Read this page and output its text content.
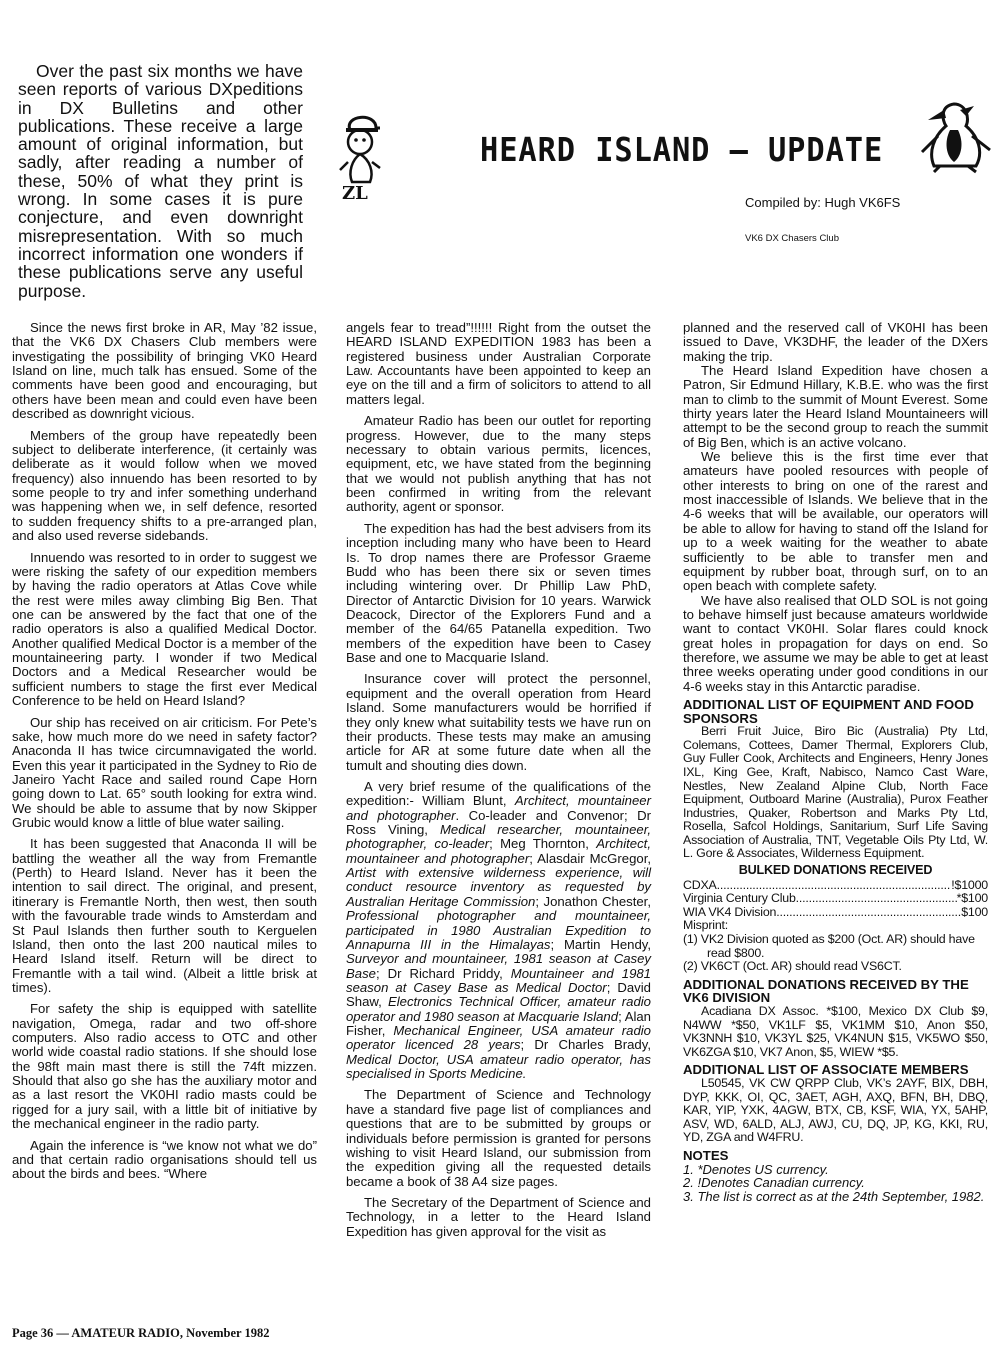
Over the past six months we have seen reports of various DXpeditions in DX Bulletins and other publications. These receive a large amount of original information, but sadly, after reading a number of these, 50% of what they print is wrong. In some cases it is pure conjecture, and even downright misrepresentation. With so much incorrect information one wonders if these publications serve any useful purpose.

ZL
HEARD ISLAND — UPDATE

Compiled by: Hugh VK6FS

VK6 DX Chasers Club

Since the news first broke in AR, May ’82 issue, that the VK6 DX Chasers Club members were investigating the possibility of bringing VK0 Heard Island on line, much talk has ensued. Some of the comments have been good and encouraging, but others have been mean and could even have been described as downright vicious.

Members of the group have repeatedly been subject to deliberate interference, (it certainly was deliberate as it would follow when we moved frequency) also innuendo has been resorted to by some people to try and infer something underhand was happening when we, in self defence, resorted to sudden frequency shifts to a pre-arranged plan, and also used reverse sidebands.

Innuendo was resorted to in order to suggest we were risking the safety of our expedition members by having the radio operators at Atlas Cove while the rest were miles away climbing Big Ben. That one can be answered by the fact that one of the radio operators is also a qualified Medical Doctor. Another qualified Medical Doctor is a member of the mountaineering party. I wonder if two Medical Doctors and a Medical Researcher would be sufficient numbers to stage the first ever Medical Conference to be held on Heard Island?

Our ship has received on air criticism. For Pete’s sake, how much more do we need in safety factor? Anaconda II has twice circumnavigated the world. Even this year it participated in the Sydney to Rio de Janeiro Yacht Race and sailed round Cape Horn going down to Lat. 65° south looking for extra wind. We should be able to assume that by now Skipper Grubic would know a little of blue water sailing.

It has been suggested that Anaconda II will be battling the weather all the way from Fremantle (Perth) to Heard Island. Never has it been the intention to sail direct. The original, and present, itinerary is Fremantle North, then west, then south with the favourable trade winds to Amsterdam and St Paul Islands then further south to Kerguelen Island, then onto the last 200 nautical miles to Heard Island itself. Return will be direct to Fremantle with a tail wind. (Albeit a little brisk at times).

For safety the ship is equipped with satellite navigation, Omega, radar and two off-shore computers. Also radio access to OTC and other world wide coastal radio stations. If she should lose the 98ft main mast there is still the 74ft mizzen. Should that also go she has the auxiliary motor and as a last resort the VK0HI radio masts could be rigged for a jury sail, with a little bit of initiative by the mechanical engineer in the radio party.

Again the inference is “we know not what we do” and that certain radio organisations should tell us about the birds and bees. “Where

angels fear to tread”!!!!!! Right from the outset the HEARD ISLAND EXPEDITION 1983 has been a registered business under Australian Corporate Law. Accountants have been appointed to keep an eye on the till and a firm of solicitors to attend to all matters legal.

Amateur Radio has been our outlet for reporting progress. However, due to the many steps necessary to obtain various permits, licences, equipment, etc, we have stated from the beginning that we would not publish anything that has not been confirmed in writing from the relevant authority, agent or sponsor.

The expedition has had the best advisers from its inception including many who have been to Heard Is. To drop names there are Professor Graeme Budd who has been there six or seven times including wintering over. Dr Phillip Law PhD, Director of Antarctic Division for 10 years. Warwick Deacock, Director of the Explorers Fund and a member of the 64/65 Patanella expedition. Two members of the expedition have been to Casey Base and one to Macquarie Island.

Insurance cover will protect the personnel, equipment and the overall operation from Heard Island. Some manufacturers would be horrified if they only knew what suitability tests we have run on their products. These tests may make an amusing article for AR at some future date when all the tumult and shouting dies down.

A very brief resume of the qualifications of the expedition:- William Blunt, Architect, mountaineer and photographer. Co-leader and Convenor; Dr Ross Vining, Medical researcher, mountaineer, photographer, co-leader; Meg Thornton, Architect, mountaineer and photographer; Alasdair McGregor, Artist with extensive wilderness experience, will conduct resource inventory as requested by Australian Heritage Commission; Jonathon Chester, Professional photographer and mountaineer, participated in 1980 Australian Expedition to Annapurna III in the Himalayas; Martin Hendy, Surveyor and mountaineer, 1981 season at Casey Base; Dr Richard Priddy, Mountaineer and 1981 season at Casey Base as Medical Doctor; David Shaw, Electronics Technical Officer, amateur radio operator and 1980 season at Macquarie Island; Alan Fisher, Mechanical Engineer, USA amateur radio operator licenced 28 years; Dr Charles Brady, Medical Doctor, USA amateur radio operator, has specialised in Sports Medicine.

The Department of Science and Technology have a standard five page list of compliances and questions that are to be submitted by groups or individuals before permission is granted for persons wishing to visit Heard Island, our submission from the expedition giving all the requested details became a book of 38 A4 size pages.

The Secretary of the Department of Science and Technology, in a letter to the Heard Island Expedition has given approval for the visit as

planned and the reserved call of VK0HI has been issued to Dave, VK3DHF, the leader of the DXers making the trip.

The Heard Island Expedition have chosen a Patron, Sir Edmund Hillary, K.B.E. who was the first man to climb to the summit of Mount Everest. Some thirty years later the Heard Island Mountaineers will attempt to be the second group to reach the summit of Big Ben, which is an active volcano.

We believe this is the first time ever that amateurs have pooled resources with people of other interests to bring on one of the rarest and most inaccessible of Islands. We believe that in the 4-6 weeks that will be available, our operators will be able to allow for having to stand off the Island for up to a week waiting for the weather to abate sufficiently to be able to transfer men and equipment by rubber boat, through surf, on to an open beach with complete safety.

We have also realised that OLD SOL is not going to behave himself just because amateurs worldwide want to contact VK0HI. Solar flares could knock great holes in propagation for days on end. So therefore, we assume we may be able to get at least three weeks operating under good conditions in our 4-6 weeks stay in this Antarctic paradise.

ADDITIONAL LIST OF EQUIPMENT AND FOOD SPONSORS

Berri Fruit Juice, Biro Bic (Australia) Pty Ltd, Colemans, Cottees, Damer Thermal, Explorers Club, Guy Fuller Cook, Architects and Engineers, Henry Jones IXL, King Gee, Kraft, Nabisco, Namco Cast Ware, Nestles, New Zealand Alpine Club, North Face Equipment, Outboard Marine (Australia), Purox Feather Industries, Quaker, Robertson and Marks Pty Ltd, Rosella, Safcol Holdings, Sanitarium, Surf Life Saving Association of Australia, TNT, Vegetable Oils Pty Ltd, W. L. Gore & Associates, Wilderness Equipment.

BULKED DONATIONS RECEIVED
CDXA .....	!$1000
Virginia Century Club .....	*$100
WIA VK4 Division .....	$100
Misprint:
(1) VK2 Division quoted as $200 (Oct. AR) should have read $800.
(2) VK6CT (Oct. AR) should read VS6CT.
ADDITIONAL DONATIONS RECEIVED BY THE VK6 DIVISION

Acadiana DX Assoc. *$100, Mexico DX Club $9, N4WW *$50, VK1LF $5, VK1MM $10, Anon $50, VK3NNH $10, VK3YL $25, VK4NUN $15, VK5WO $50, VK6ZGA $10, VK7 Anon, $5, WIEW *$5.

ADDITIONAL LIST OF ASSOCIATE MEMBERS

L50545, VK CW QRPP Club, VK’s 2AYF, BIX, DBH, DYP, KKK, OI, QC, 3AET, AGH, AXQ, BFN, BH, DBQ, KAR, YIP, YXK, 4AGW, BTX, CB, KSF, WIA, YX, 5AHP, ASV, WD, 6ALD, ALJ, AWJ, CU, DQ, JP, KG, KKI, RU, YD, ZGA and W4FRU.

NOTES
1. *Denotes US currency.
2. !Denotes Canadian currency.
3. The list is correct as at the 24th September, 1982.

Page 36 — AMATEUR RADIO, November 1982
